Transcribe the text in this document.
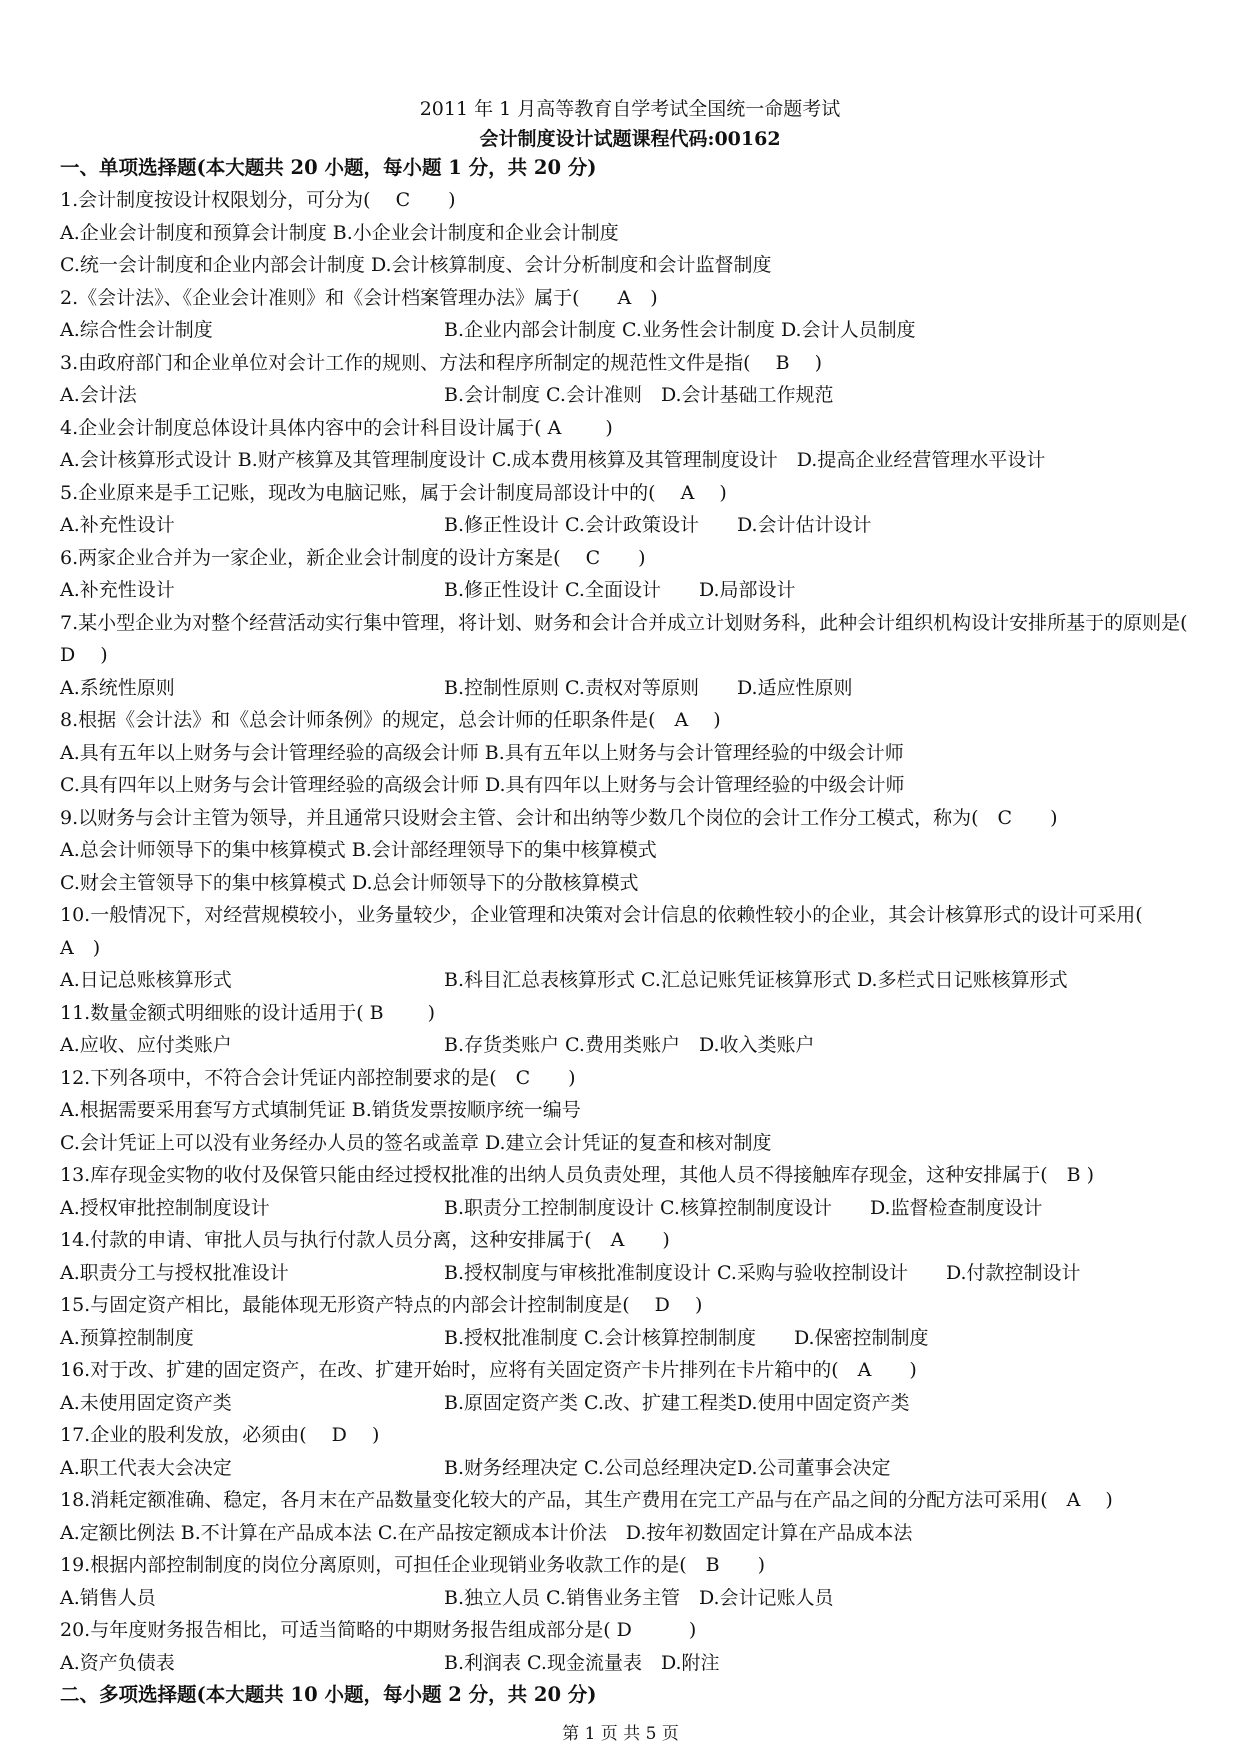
2011 年 1 月高等教育自学考试全国统一命题考试
会计制度设计试题课程代码:00162
一、单项选择题(本大题共 20 小题，每小题 1 分，共 20 分)
1.会计制度按设计权限划分，可分为(　 C　　)
A.企业会计制度和预算会计制度 B.小企业会计制度和企业会计制度
C.统一会计制度和企业内部会计制度 D.会计核算制度、会计分析制度和会计监督制度
2.《会计法》、《企业会计准则》和《会计档案管理办法》属于(　　A　)
A.综合性会计制度	B.企业内部会计制度 C.业务性会计制度 D.会计人员制度
3.由政府部门和企业单位对会计工作的规则、方法和程序所制定的规范性文件是指(　 B　 )
A.会计法	B.会计制度 C.会计准则　D.会计基础工作规范
4.企业会计制度总体设计具体内容中的会计科目设计属于( A　　 )
A.会计核算形式设计 B.财产核算及其管理制度设计 C.成本费用核算及其管理制度设计　D.提高企业经营管理水平设计
5.企业原来是手工记账，现改为电脑记账，属于会计制度局部设计中的(　 A　 )
A.补充性设计	B.修正性设计 C.会计政策设计　　D.会计估计设计
6.两家企业合并为一家企业，新企业会计制度的设计方案是(　 C　　)
A.补充性设计	B.修正性设计 C.全面设计　　D.局部设计
7.某小型企业为对整个经营活动实行集中管理，将计划、财务和会计合并成立计划财务科，此种会计组织机构设计安排所基于的原则是(　 D　 )
A.系统性原则	B.控制性原则 C.责权对等原则　　D.适应性原则
8.根据《会计法》和《总会计师条例》的规定，总会计师的任职条件是(　A　 )
A.具有五年以上财务与会计管理经验的高级会计师 B.具有五年以上财务与会计管理经验的中级会计师
C.具有四年以上财务与会计管理经验的高级会计师 D.具有四年以上财务与会计管理经验的中级会计师
9.以财务与会计主管为领导，并且通常只设财会主管、会计和出纳等少数几个岗位的会计工作分工模式，称为(　C　　)
A.总会计师领导下的集中核算模式 B.会计部经理领导下的集中核算模式
C.财会主管领导下的集中核算模式 D.总会计师领导下的分散核算模式
10.一般情况下，对经营规模较小，业务量较少，企业管理和决策对会计信息的依赖性较小的企业，其会计核算形式的设计可采用(　　A　)
A.日记总账核算形式	B.科目汇总表核算形式 C.汇总记账凭证核算形式 D.多栏式日记账核算形式
11.数量金额式明细账的设计适用于( B　　 )
A.应收、应付类账户	B.存货类账户 C.费用类账户　D.收入类账户
12.下列各项中，不符合会计凭证内部控制要求的是(　C　　)
A.根据需要采用套写方式填制凭证 B.销货发票按顺序统一编号
C.会计凭证上可以没有业务经办人员的签名或盖章 D.建立会计凭证的复查和核对制度
13.库存现金实物的收付及保管只能由经过授权批准的出纳人员负责处理，其他人员不得接触库存现金，这种安排属于(　B )
A.授权审批控制制度设计	B.职责分工控制制度设计 C.核算控制制度设计　　D.监督检查制度设计
14.付款的申请、审批人员与执行付款人员分离，这种安排属于(　A　　)
A.职责分工与授权批准设计	B.授权制度与审核批准制度设计 C.采购与验收控制设计　　D.付款控制设计
15.与固定资产相比，最能体现无形资产特点的内部会计控制制度是(　 D　 )
A.预算控制制度	B.授权批准制度 C.会计核算控制制度　　D.保密控制制度
16.对于改、扩建的固定资产，在改、扩建开始时，应将有关固定资产卡片排列在卡片箱中的(　A　　)
A.未使用固定资产类	B.原固定资产类 C.改、扩建工程类D.使用中固定资产类
17.企业的股利发放，必须由(　 D　 )
A.职工代表大会决定	B.财务经理决定 C.公司总经理决定D.公司董事会决定
18.消耗定额准确、稳定，各月末在产品数量变化较大的产品，其生产费用在完工产品与在产品之间的分配方法可采用(　A　 )
A.定额比例法 B.不计算在产品成本法 C.在产品按定额成本计价法　D.按年初数固定计算在产品成本法
19.根据内部控制制度的岗位分离原则，可担任企业现销业务收款工作的是(　B　　)
A.销售人员	B.独立人员 C.销售业务主管　D.会计记账人员
20.与年度财务报告相比，可适当简略的中期财务报告组成部分是( D　　　)
A.资产负债表	B.利润表 C.现金流量表　D.附注
二、多项选择题(本大题共 10 小题，每小题 2 分，共 20 分)
第 1 页 共 5 页
